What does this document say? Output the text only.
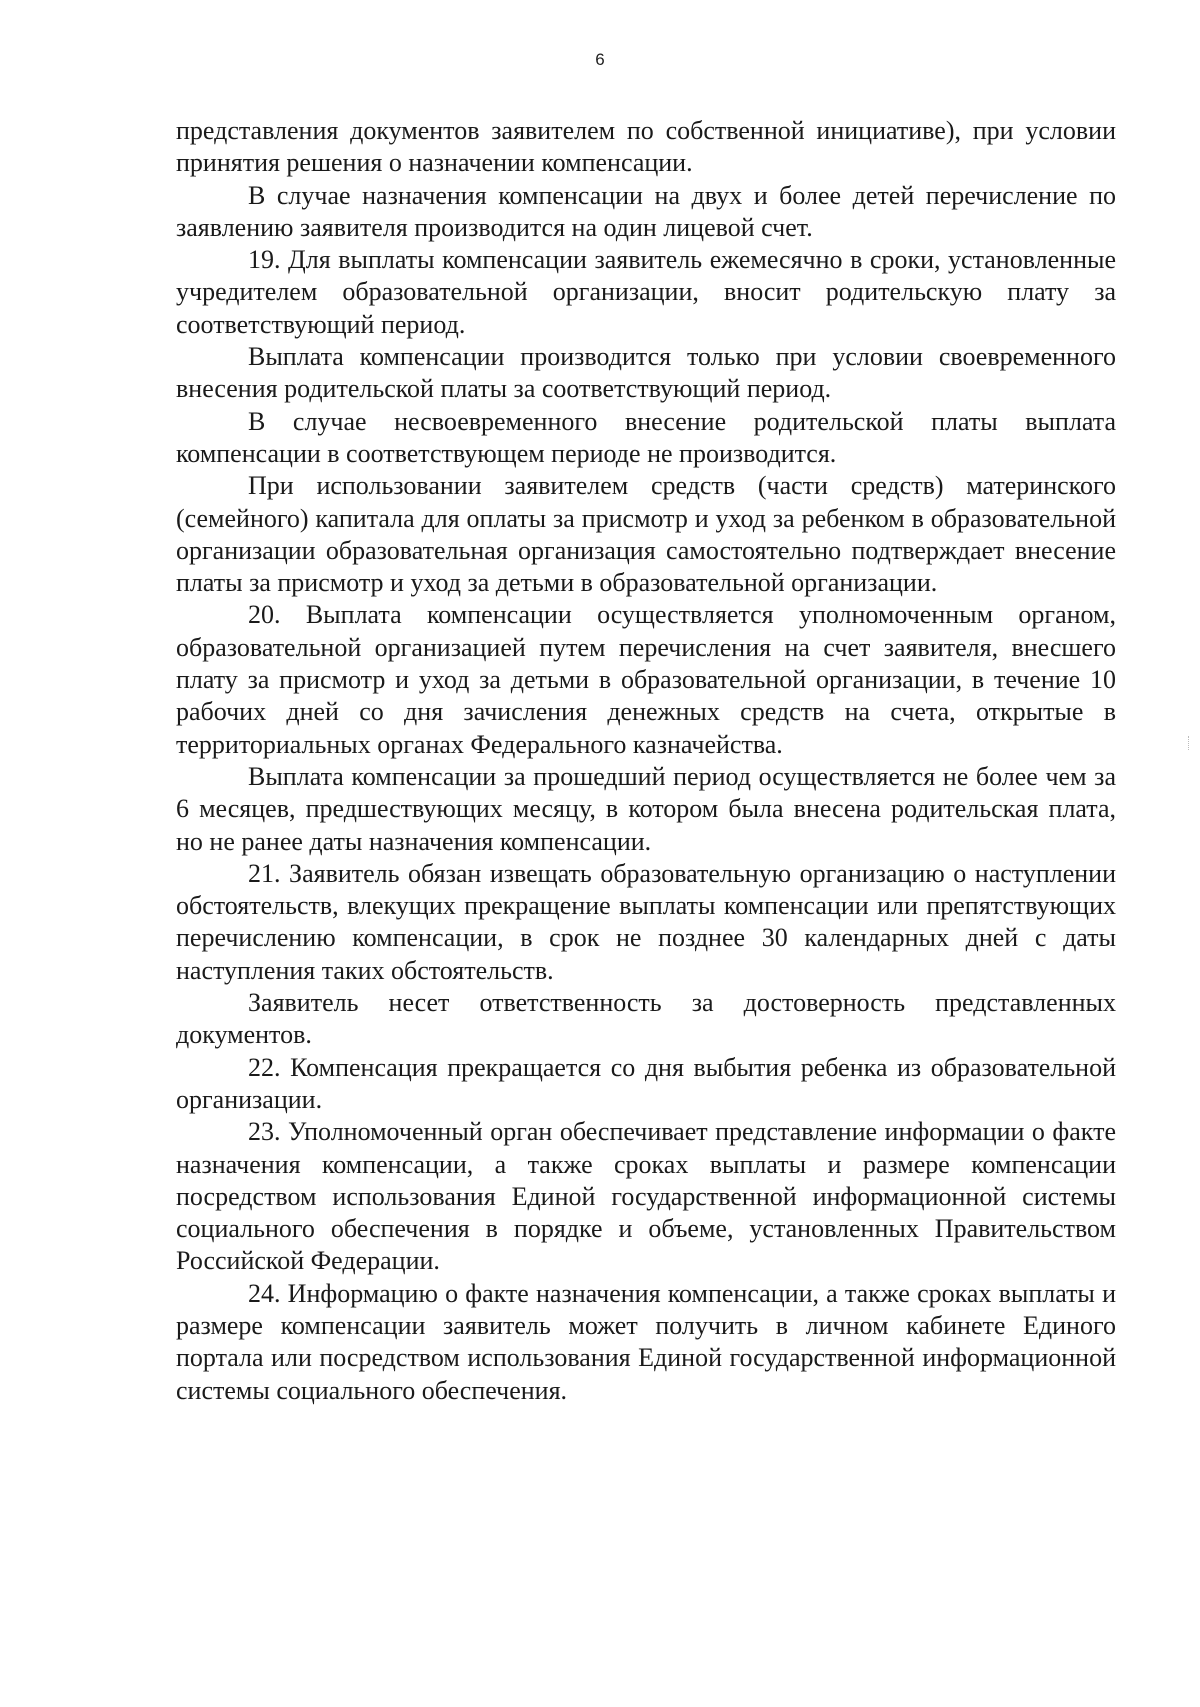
6

представления документов заявителем по собственной инициативе), при условии принятия решения о назначении компенсации.

В случае назначения компенсации на двух и более детей перечисление по заявлению заявителя производится на один лицевой счет.

19. Для выплаты компенсации заявитель ежемесячно в сроки, установленные учредителем образовательной организации, вносит родительскую плату за соответствующий период.

Выплата компенсации производится только при условии своевременного внесения родительской платы за соответствующий период.

В случае несвоевременного внесение родительской платы выплата компенсации в соответствующем периоде не производится.

При использовании заявителем средств (части средств) материнского (семейного) капитала для оплаты за присмотр и уход за ребенком в образовательной организации образовательная организация самостоятельно подтверждает внесение платы за присмотр и уход за детьми в образовательной организации.

20. Выплата компенсации осуществляется уполномоченным органом, образовательной организацией путем перечисления на счет заявителя, внесшего плату за присмотр и уход за детьми в образовательной организации, в течение 10 рабочих дней со дня зачисления денежных средств на счета, открытые в территориальных органах Федерального казначейства.

Выплата компенсации за прошедший период осуществляется не более чем за 6 месяцев, предшествующих месяцу, в котором была внесена родительская плата, но не ранее даты назначения компенсации.

21. Заявитель обязан извещать образовательную организацию о наступлении обстоятельств, влекущих прекращение выплаты компенсации или препятствующих перечислению компенсации, в срок не позднее 30 календарных дней с даты наступления таких обстоятельств.

Заявитель несет ответственность за достоверность представленных документов.

22. Компенсация прекращается со дня выбытия ребенка из образовательной организации.

23. Уполномоченный орган обеспечивает представление информации о факте назначения компенсации, а также сроках выплаты и размере компенсации посредством использования Единой государственной информационной системы социального обеспечения в порядке и объеме, установленных Правительством Российской Федерации.

24. Информацию о факте назначения компенсации, а также сроках выплаты и размере компенсации заявитель может получить в личном кабинете Единого портала или посредством использования Единой государственной информационной системы социального обеспечения.
